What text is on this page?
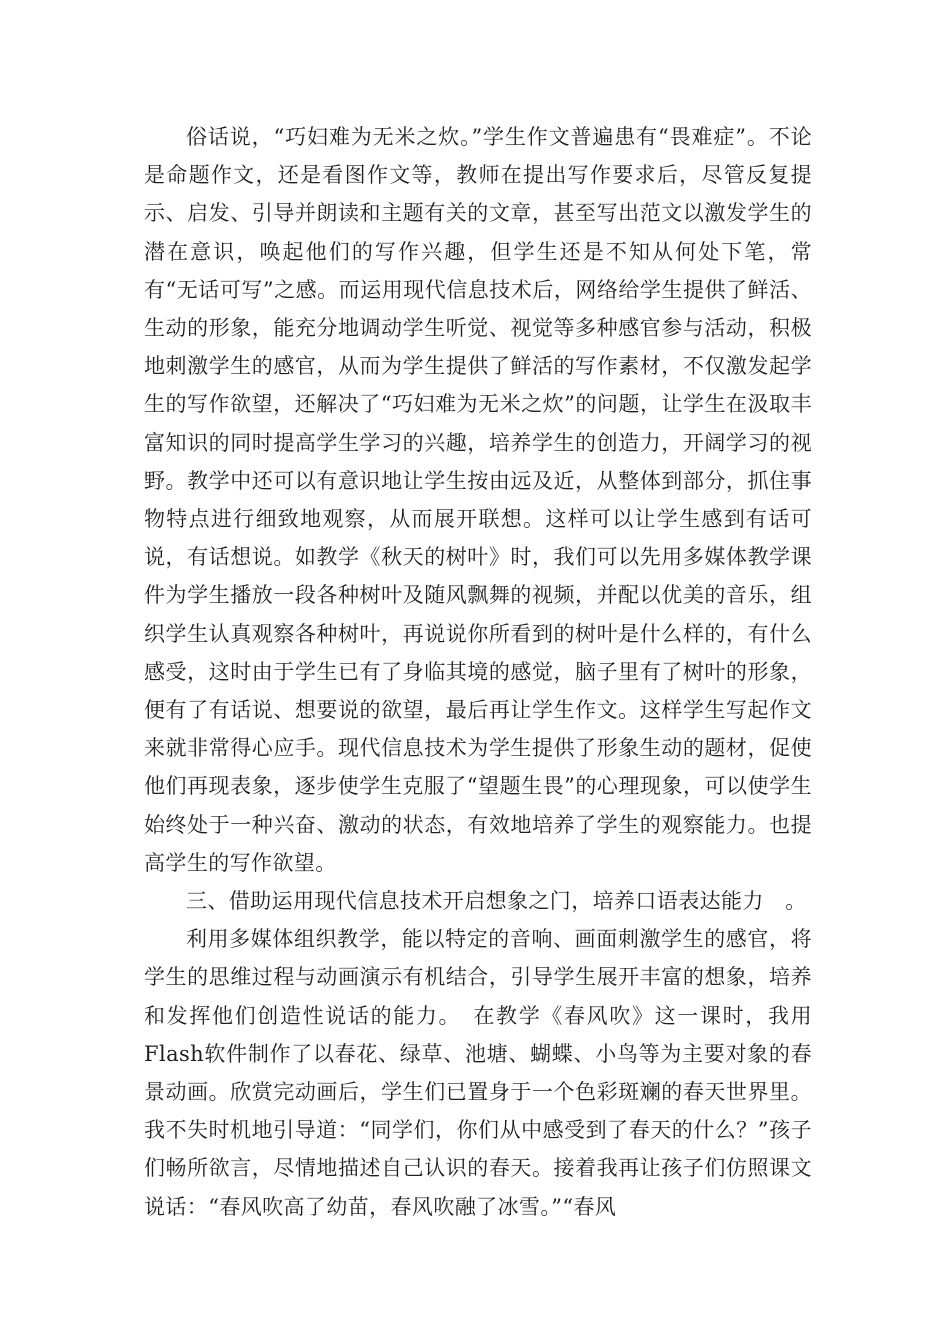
俗话说，“巧妇难为无米之炊。”学生作文普遍患有“畏难症”。不论是命题作文，还是看图作文等，教师在提出写作要求后，尽管反复提示、启发、引导并朗读和主题有关的文章，甚至写出范文以激发学生的潜在意识，唤起他们的写作兴趣，但学生还是不知从何处下笔，常有“无话可写”之感。而运用现代信息技术后，网络给学生提供了鲜活、生动的形象，能充分地调动学生听觉、视觉等多种感官参与活动，积极地刺激学生的感官，从而为学生提供了鲜活的写作素材，不仅激发起学生的写作欲望，还解决了“巧妇难为无米之炊”的问题，让学生在汲取丰富知识的同时提高学生学习的兴趣，培养学生的创造力，开阔学习的视野。教学中还可以有意识地让学生按由远及近，从整体到部分，抓住事物特点进行细致地观察，从而展开联想。这样可以让学生感到有话可说，有话想说。如教学《秋天的树叶》时，我们可以先用多媒体教学课件为学生播放一段各种树叶及随风飘舞的视频，并配以优美的音乐，组织学生认真观察各种树叶，再说说你所看到的树叶是什么样的，有什么感受，这时由于学生已有了身临其境的感觉，脑子里有了树叶的形象，便有了有话说、想要说的欲望，最后再让学生作文。这样学生写起作文来就非常得心应手。现代信息技术为学生提供了形象生动的题材，促使他们再现表象，逐步使学生克服了“望题生畏”的心理现象，可以使学生始终处于一种兴奋、激动的状态，有效地培养了学生的观察能力。也提高学生的写作欲望。

三、借助运用现代信息技术开启想象之门，培养口语表达能力　。

利用多媒体组织教学，能以特定的音响、画面刺激学生的感官，将学生的思维过程与动画演示有机结合，引导学生展开丰富的想象，培养和发挥他们创造性说话的能力。　在教学《春风吹》这一课时，我用Flash软件制作了以春花、绿草、池塘、蝴蝶、小鸟等为主要对象的春景动画。欣赏完动画后，学生们已置身于一个色彩斑斓的春天世界里。我不失时机地引导道：“同学们，你们从中感受到了春天的什么？”孩子们畅所欲言，尽情地描述自己认识的春天。接着我再让孩子们仿照课文说话：“春风吹高了幼苗，春风吹融了冰雪。”“春风
